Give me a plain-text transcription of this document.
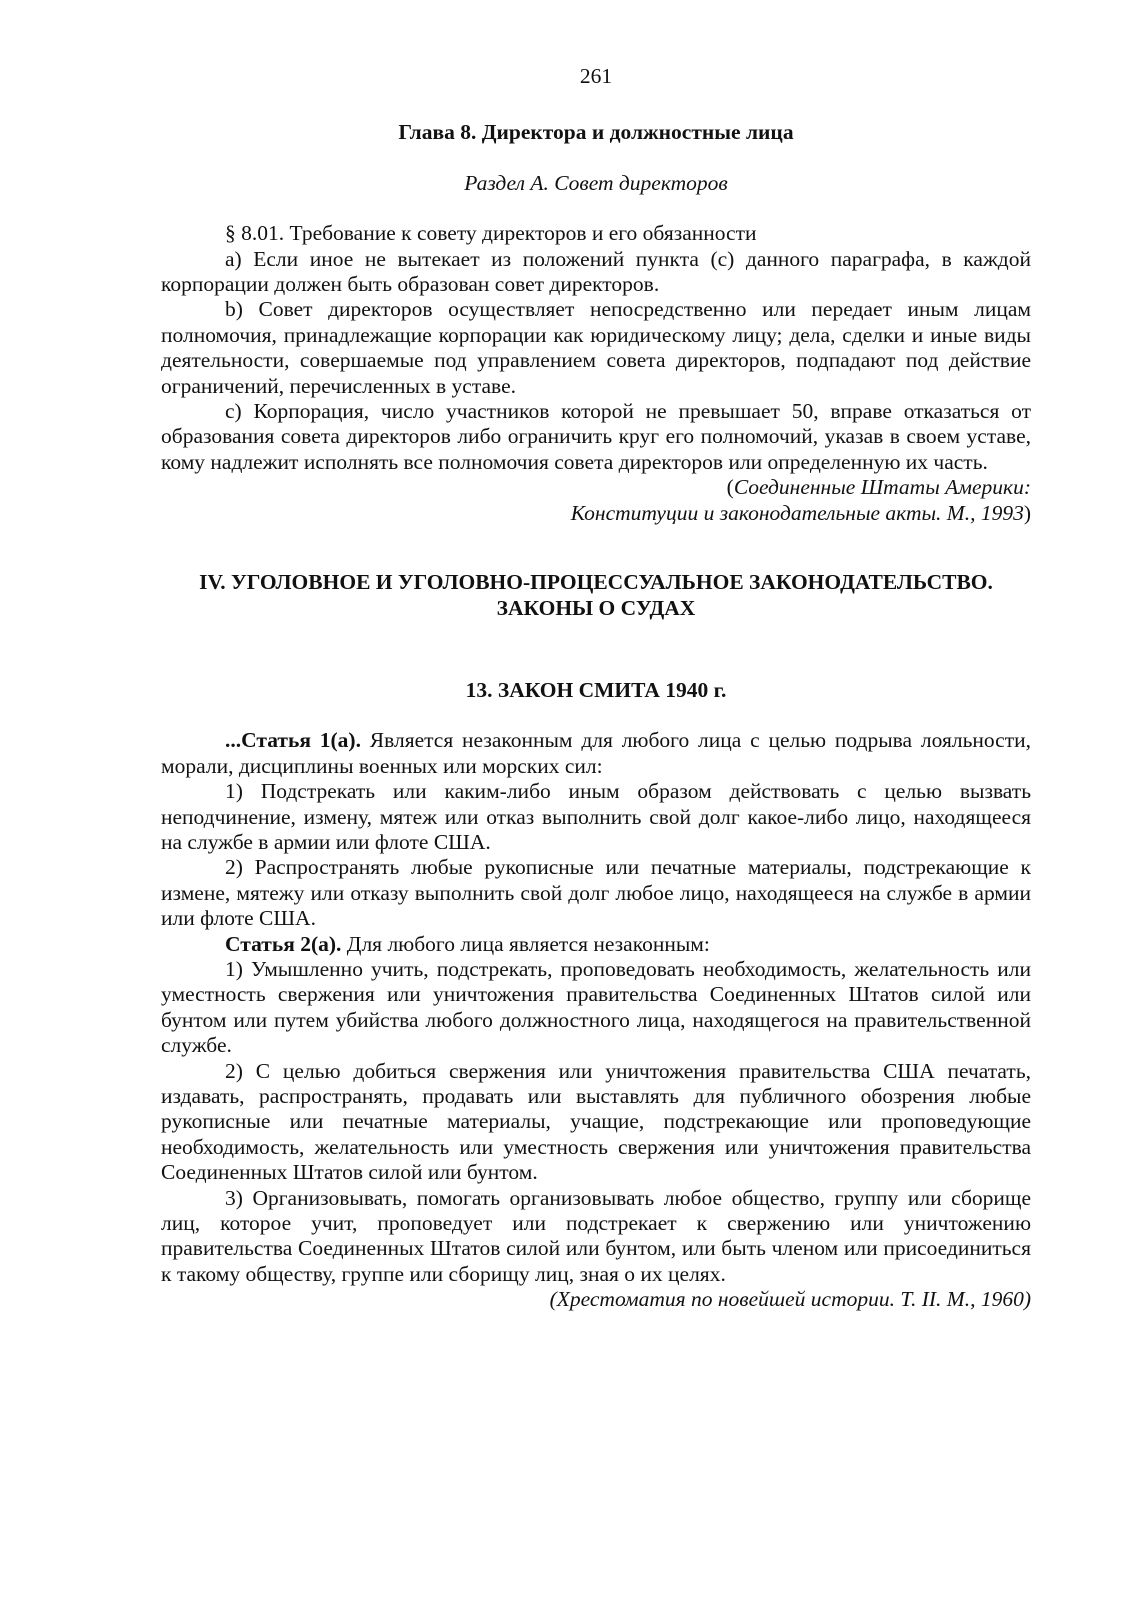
261
Глава 8. Директора и должностные лица
Раздел А. Совет директоров

§ 8.01. Требование к совету директоров и его обязанности

а) Если иное не вытекает из положений пункта (с) данного параграфа, в каждой корпорации должен быть образован совет директоров.

b) Совет директоров осуществляет непосредственно или передает иным лицам полномочия, принадлежащие корпорации как юридическому лицу; дела, сделки и иные виды деятельности, совершаемые под управлением совета директоров, подпадают под действие ограничений, перечисленных в уставе.

с) Корпорация, число участников которой не превышает 50, вправе отказаться от образования совета директоров либо ограничить круг его полномочий, указав в своем уставе, кому надлежит исполнять все полномочия совета директоров или определенную их часть.

(Соединенные Штаты Америки:
Конституции и законодательные акты. М., 1993)
IV. УГОЛОВНОЕ И УГОЛОВНО-ПРОЦЕССУАЛЬНОЕ ЗАКОНОДАТЕЛЬСТВО.
ЗАКОНЫ О СУДАХ
13. ЗАКОН СМИТА 1940 г.

...Статья 1(а). Является незаконным для любого лица с целью подрыва лояльности, морали, дисциплины военных или морских сил:

1) Подстрекать или каким-либо иным образом действовать с целью вызвать неподчинение, измену, мятеж или отказ выполнить свой долг какое-либо лицо, находящееся на службе в армии или флоте США.

2) Распространять любые рукописные или печатные материалы, подстрекающие к измене, мятежу или отказу выполнить свой долг любое лицо, находящееся на службе в армии или флоте США.

Статья 2(а). Для любого лица является незаконным:

1) Умышленно учить, подстрекать, проповедовать необходимость, желательность или уместность свержения или уничтожения правительства Соединенных Штатов силой или бунтом или путем убийства любого должностного лица, находящегося на правительственной службе.

2) С целью добиться свержения или уничтожения правительства США печатать, издавать, распространять, продавать или выставлять для публичного обозрения любые рукописные или печатные материалы, учащие, подстрекающие или проповедующие необходимость, желательность или уместность свержения или уничтожения правительства Соединенных Штатов силой или бунтом.

3) Организовывать, помогать организовывать любое общество, группу или сборище лиц, которое учит, проповедует или подстрекает к свержению или уничтожению правительства Соединенных Штатов силой или бунтом, или быть членом или присоединиться к такому обществу, группе или сборищу лиц, зная о их целях.

(Хрестоматия по новейшей истории. Т. II. М., 1960)
